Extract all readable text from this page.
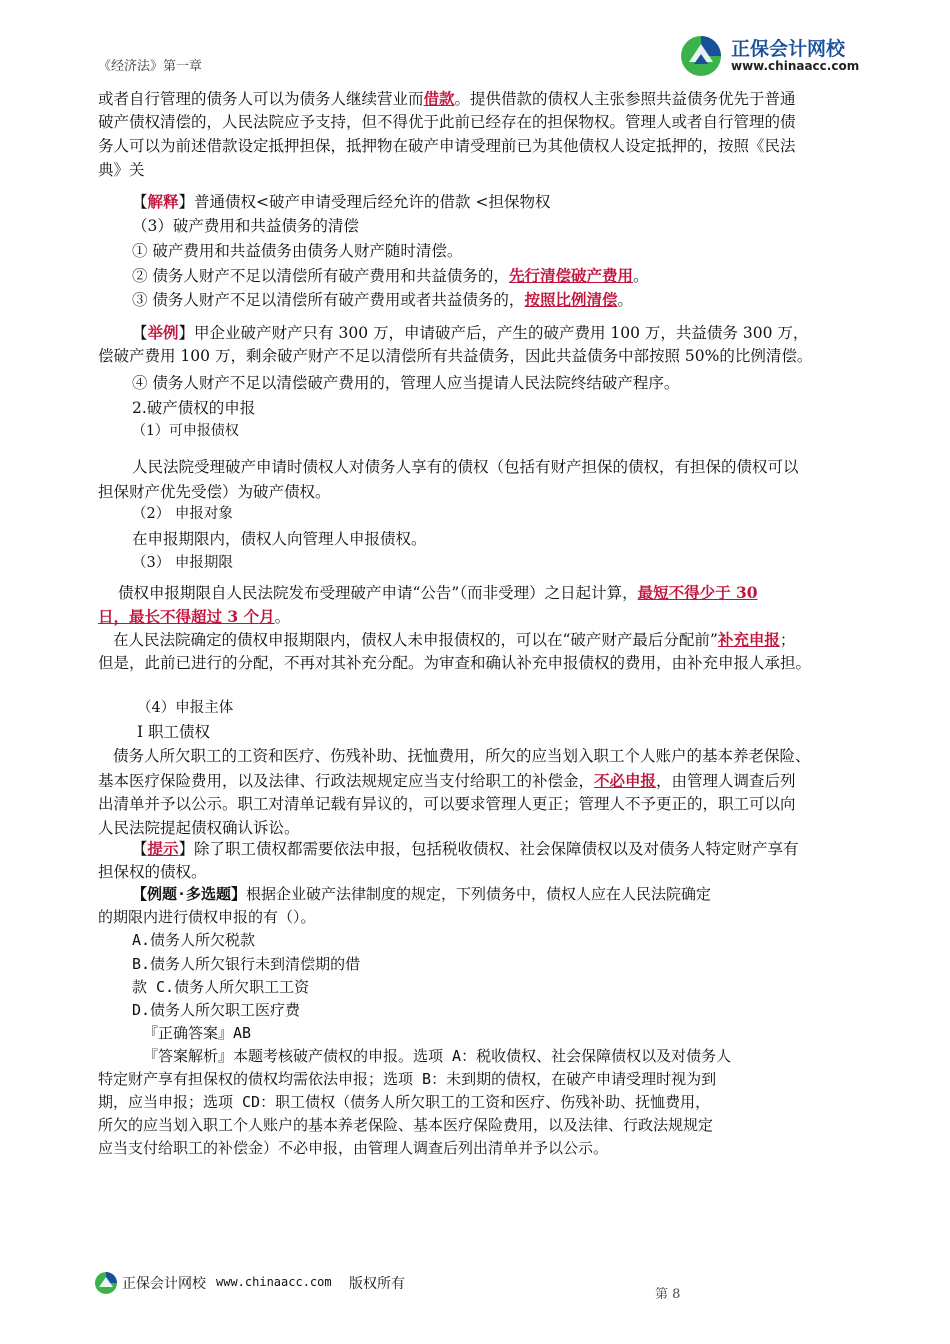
《经济法》第一章
正保会计网校
www.chinaacc.com
或者自行管理的债务人可以为债务人继续营业而借款。提供借款的债权人主张参照共益债务优先于普通
破产债权清偿的，人民法院应予支持，但不得优于此前已经存在的担保物权。管理人或者自行管理的债
务人可以为前述借款设定抵押担保，抵押物在破产申请受理前已为其他债权人设定抵押的，按照《民法
典》关
【解释】普通债权<破产申请受理后经允许的借款 <担保物权
（3）破产费用和共益债务的清偿
① 破产费用和共益债务由债务人财产随时清偿。
② 债务人财产不足以清偿所有破产费用和共益债务的，先行清偿破产费用。
③ 债务人财产不足以清偿所有破产费用或者共益债务的，按照比例清偿。
【举例】甲企业破产财产只有 300 万，申请破产后，产生的破产费用 100 万，共益债务 300 万，
偿破产费用 100 万，剩余破产财产不足以清偿所有共益债务，因此共益债务中部按照 50%的比例清偿。
④ 债务人财产不足以清偿破产费用的，管理人应当提请人民法院终结破产程序。
2.破产债权的申报
（1）可申报债权
人民法院受理破产申请时债权人对债务人享有的债权（包括有财产担保的债权，有担保的债权可以
担保财产优先受偿）为破产债权。
（2） 申报对象
在申报期限内，债权人向管理人申报债权。
（3） 申报期限
债权申报期限自人民法院发布受理破产申请“公告”（而非受理）之日起计算，最短不得少于 30
日，最长不得超过 3 个月。
在人民法院确定的债权申报期限内，债权人未申报债权的，可以在“破产财产最后分配前”补充申报；
但是，此前已进行的分配，不再对其补充分配。为审查和确认补充申报债权的费用，由补充申报人承担。
（4）申报主体
Ⅰ 职工债权
债务人所欠职工的工资和医疗、伤残补助、抚恤费用，所欠的应当划入职工个人账户的基本养老保险、
基本医疗保险费用，以及法律、行政法规规定应当支付给职工的补偿金，不必申报，由管理人调查后列
出清单并予以公示。职工对清单记载有异议的，可以要求管理人更正；管理人不予更正的，职工可以向
人民法院提起债权确认诉讼。
【提示】除了职工债权都需要依法申报，包括税收债权、社会保障债权以及对债务人特定财产享有
担保权的债权。
【例题·多选题】根据企业破产法律制度的规定，下列债务中，债权人应在人民法院确定
的期限内进行债权申报的有（）。
A.债务人所欠税款
B.债务人所欠银行未到清偿期的借
款 C.债务人所欠职工工资
D.债务人所欠职工医疗费
『正确答案』AB
『答案解析』本题考核破产债权的申报。选项 A：税收债权、社会保障债权以及对债务人
特定财产享有担保权的债权均需依法申报；选项 B：未到期的债权，在破产申请受理时视为到
期，应当申报；选项 CD：职工债权（债务人所欠职工的工资和医疗、伤残补助、抚恤费用，
所欠的应当划入职工个人账户的基本养老保险、基本医疗保险费用，以及法律、行政法规规定
应当支付给职工的补偿金）不必申报，由管理人调查后列出清单并予以公示。
正保会计网校 www.chinaacc.com 版权所有
第 8
